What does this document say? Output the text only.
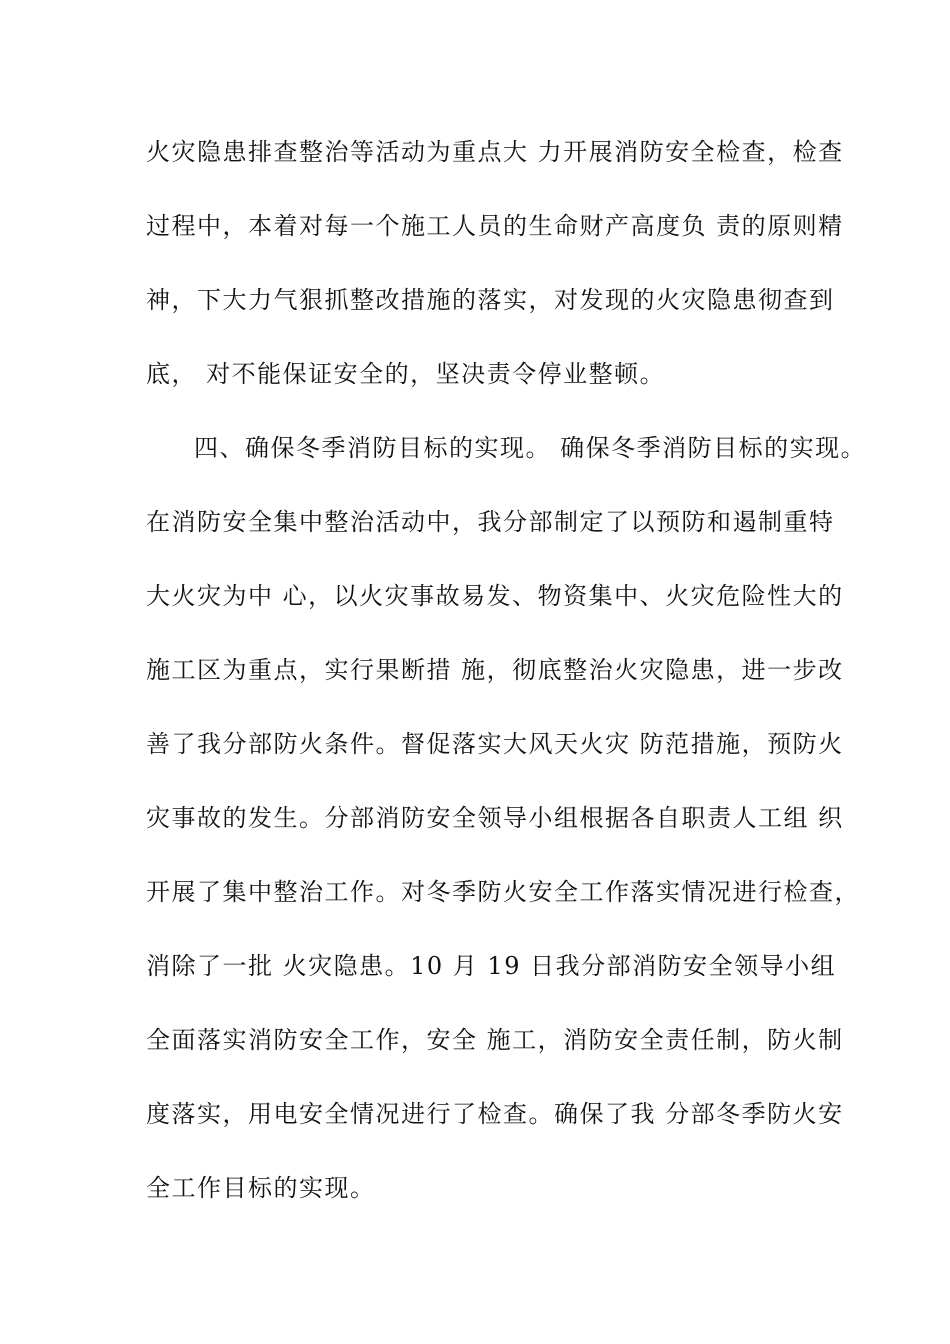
火灾隐患排查整治等活动为重点大 力开展消防安全检查，检查
过程中，本着对每一个施工人员的生命财产高度负 责的原则精
神，下大力气狠抓整改措施的落实，对发现的火灾隐患彻查到
底， 对不能保证安全的，坚决责令停业整顿。
四、确保冬季消防目标的实现。 确保冬季消防目标的实现。
在消防安全集中整治活动中，我分部制定了以预防和遏制重特
大火灾为中 心，以火灾事故易发、物资集中、火灾危险性大的
施工区为重点，实行果断措 施，彻底整治火灾隐患，进一步改
善了我分部防火条件。督促落实大风天火灾 防范措施，预防火
灾事故的发生。分部消防安全领导小组根据各自职责人工组 织
开展了集中整治工作。对冬季防火安全工作落实情况进行检查，
消除了一批 火灾隐患。10 月 19 日我分部消防安全领导小组
全面落实消防安全工作，安全 施工，消防安全责任制，防火制
度落实，用电安全情况进行了检查。确保了我 分部冬季防火安
全工作目标的实现。
